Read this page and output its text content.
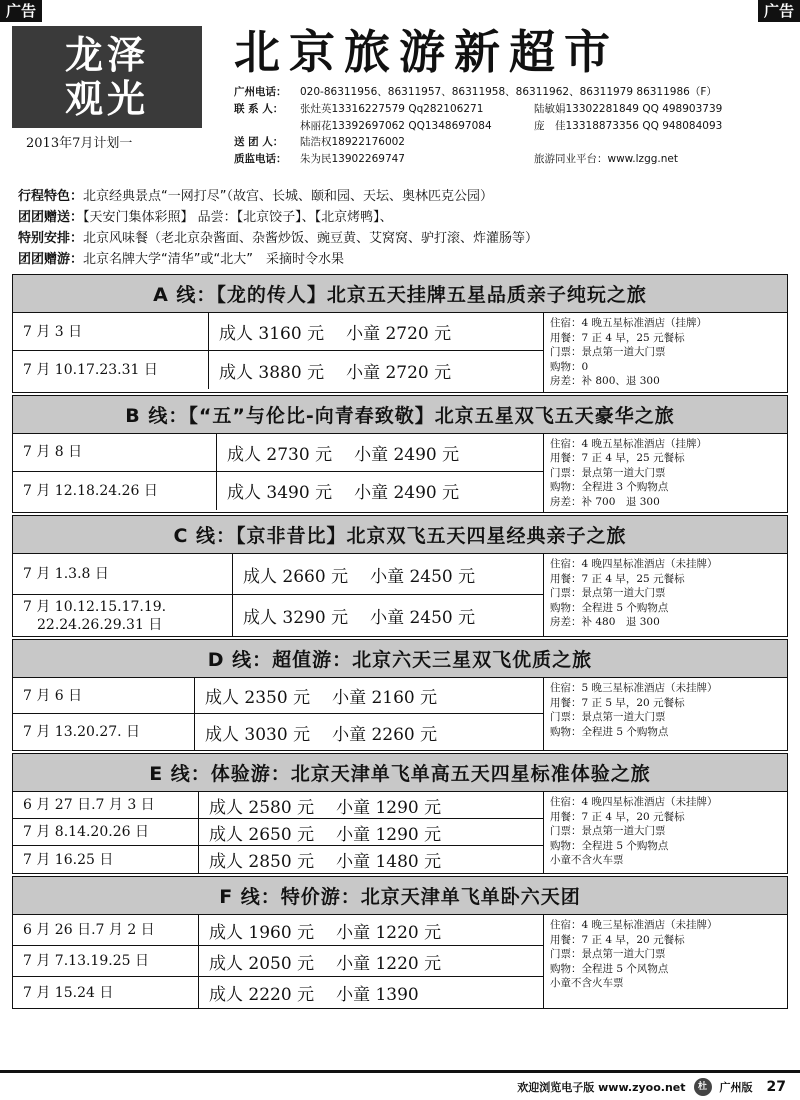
广告	广告
龙泽
观光
2013年7月计划一
北京旅游新超市
广州电话：	020-86311956、86311957、86311958、86311962、86311979 86311986（F）
联 系 人：	张灶英13316227579 Qq282106271	陆敏娟13302281849 QQ 498903739
林丽花13392697062 QQ1348697084	庞　佳13318873356 QQ 948084093
送 团 人：	陆浩权18922176002
质监电话：	朱为民13902269747	旅游同业平台：www.lzgg.net
行程特色：北京经典景点“一网打尽”（故宫、长城、颐和园、天坛、奥林匹克公园）
团团赠送：【天安门集体彩照】 品尝：【北京饺子】、【北京烤鸭】、
特别安排：北京风味餐（老北京杂酱面、杂酱炒饭、豌豆黄、艾窝窝、驴打滚、炸灌肠等）
团团赠游：北京名牌大学“清华”或“北大”　采摘时令水果
A 线：【龙的传人】北京五天挂牌五星品质亲子纯玩之旅
7 月 3 日	成人 3160 元 小童 2720 元
7 月 10.17.23.31 日	成人 3880 元 小童 2720 元
住宿：4 晚五星标准酒店（挂牌）
用餐：7 正 4 早，25 元餐标
门票：景点第一道大门票
购物：0
房差：补 800、退 300
B 线：【“五”与伦比-向青春致敬】北京五星双飞五天豪华之旅
7 月 8 日	成人 2730 元 小童 2490 元
7 月 12.18.24.26 日	成人 3490 元 小童 2490 元
住宿：4 晚五星标准酒店（挂牌）
用餐：7 正 4 早，25 元餐标
门票：景点第一道大门票
购物：全程进 3 个购物点
房差：补 700　退 300
C 线：【京非昔比】北京双飞五天四星经典亲子之旅
7 月 1.3.8 日	成人 2660 元 小童 2450 元
7 月 10.12.15.17.19.
　22.24.26.29.31 日	成人 3290 元 小童 2450 元
住宿：4 晚四星标准酒店（未挂牌）
用餐：7 正 4 早，25 元餐标
门票：景点第一道大门票
购物：全程进 5 个购物点
房差：补 480　退 300
D 线：超值游：北京六天三星双飞优质之旅
7 月 6 日	成人 2350 元 小童 2160 元
7 月 13.20.27. 日	成人 3030 元 小童 2260 元
住宿：5 晚三星标准酒店（未挂牌）
用餐：7 正 5 早，20 元餐标
门票：景点第一道大门票
购物：全程进 5 个购物点
E 线：体验游：北京天津单飞单高五天四星标准体验之旅
6 月 27 日.7 月 3 日	成人 2580 元 小童 1290 元
7 月 8.14.20.26 日	成人 2650 元 小童 1290 元
7 月 16.25 日	成人 2850 元 小童 1480 元
住宿：4 晚四星标准酒店（未挂牌）
用餐：7 正 4 早，20 元餐标
门票：景点第一道大门票
购物：全程进 5 个购物点
小童不含火车票
F 线：特价游：北京天津单飞单卧六天团
6 月 26 日.7 月 2 日	成人 1960 元 小童 1220 元
7 月 7.13.19.25 日	成人 2050 元 小童 1220 元
7 月 15.24 日	成人 2220 元 小童 1390
住宿：4 晚三星标准酒店（未挂牌）
用餐：7 正 4 早，20 元餐标
门票：景点第一道大门票
购物：全程进 5 个风物点
小童不含火车票
欢迎浏览电子版 www.zyoo.net	杜	广州版 27
